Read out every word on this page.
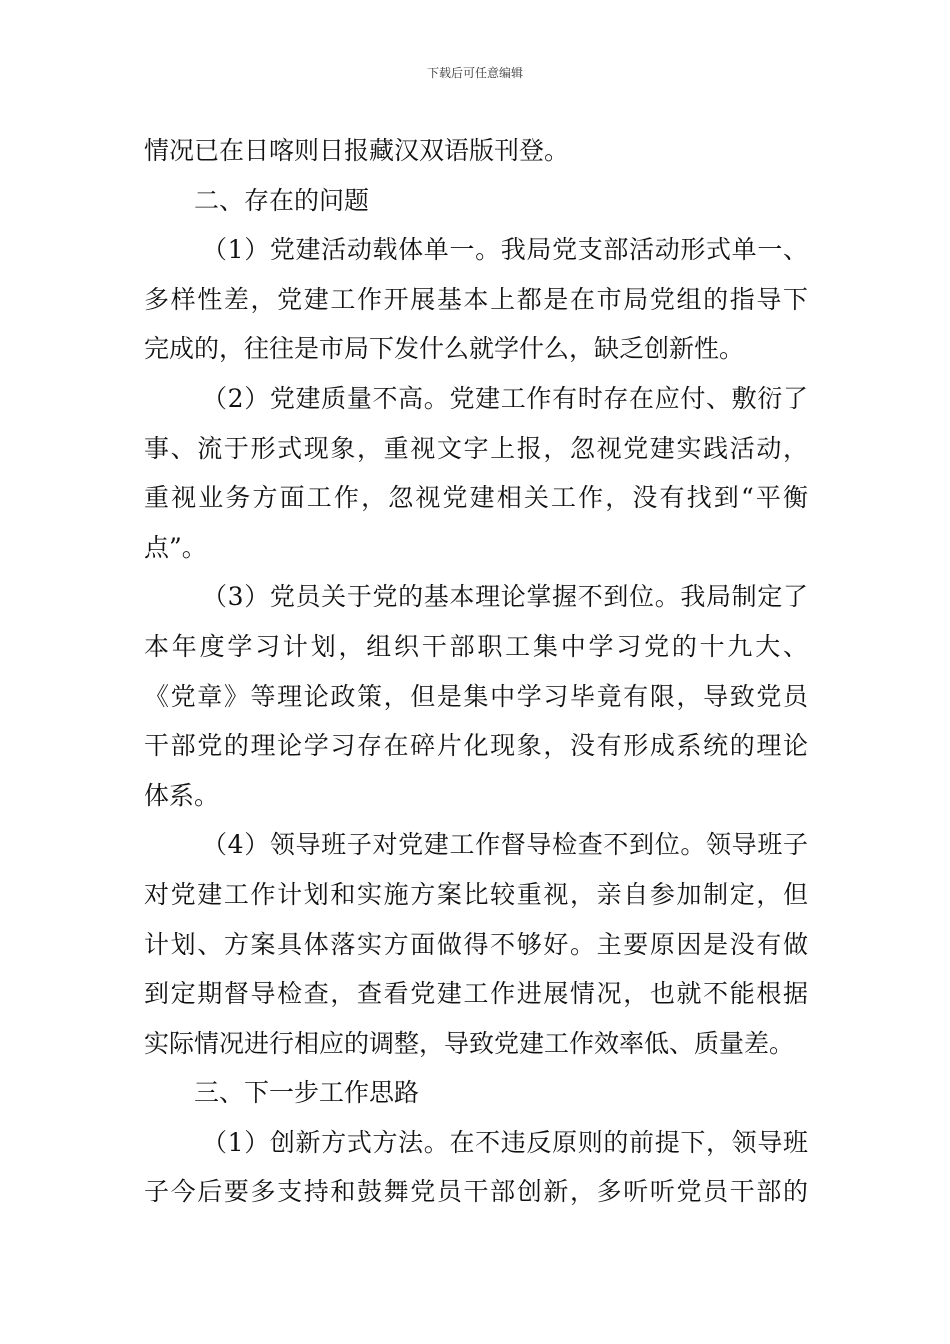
下载后可任意编辑
情况已在日喀则日报藏汉双语版刊登。
二、存在的问题
（1）党建活动载体单一。我局党支部活动形式单一、
多样性差，党建工作开展基本上都是在市局党组的指导下
完成的，往往是市局下发什么就学什么，缺乏创新性。
（2）党建质量不高。党建工作有时存在应付、敷衍了
事、流于形式现象，重视文字上报，忽视党建实践活动，
重视业务方面工作，忽视党建相关工作，没有找到“平衡
点”。
（3）党员关于党的基本理论掌握不到位。我局制定了
本年度学习计划，组织干部职工集中学习党的十九大、
《党章》等理论政策，但是集中学习毕竟有限，导致党员
干部党的理论学习存在碎片化现象，没有形成系统的理论
体系。
（4）领导班子对党建工作督导检查不到位。领导班子
对党建工作计划和实施方案比较重视，亲自参加制定，但
计划、方案具体落实方面做得不够好。主要原因是没有做
到定期督导检查，查看党建工作进展情况，也就不能根据
实际情况进行相应的调整，导致党建工作效率低、质量差。
三、下一步工作思路
（1）创新方式方法。在不违反原则的前提下，领导班
子今后要多支持和鼓舞党员干部创新，多听听党员干部的
